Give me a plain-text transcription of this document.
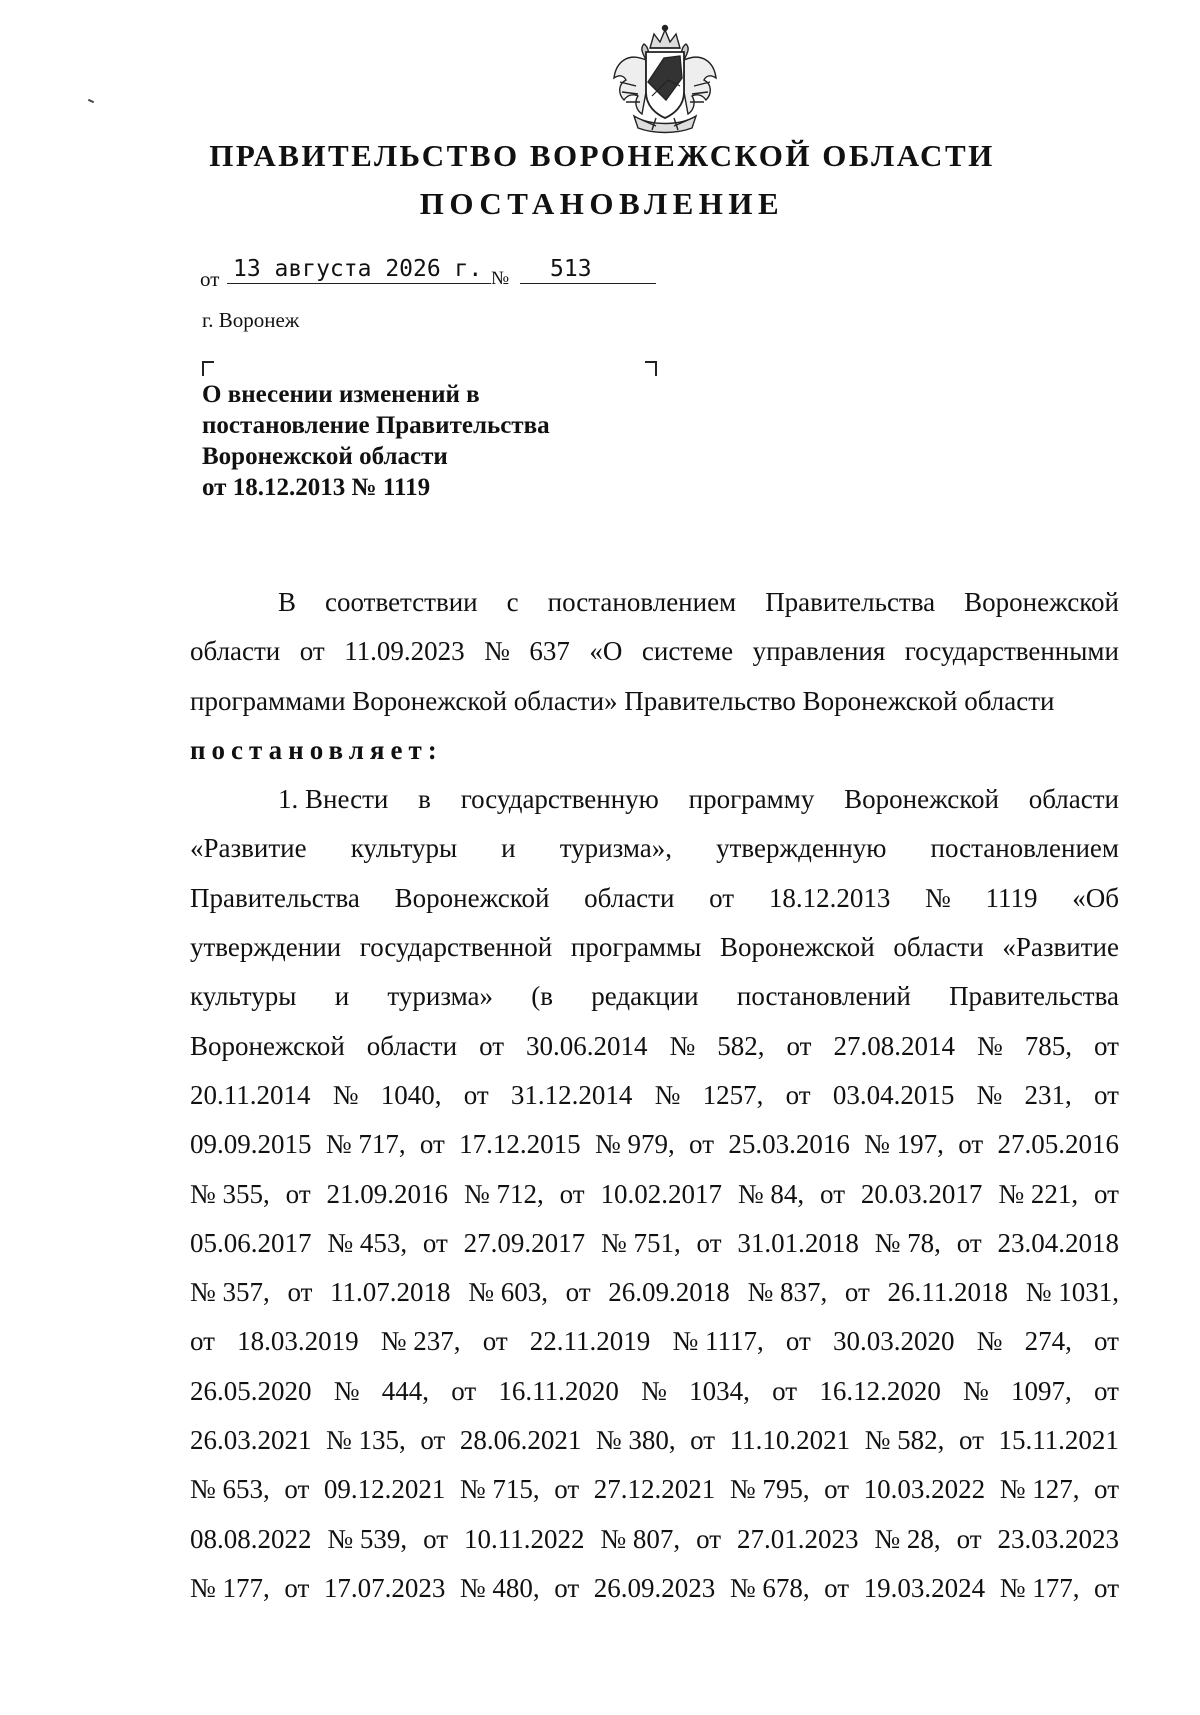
ПРАВИТЕЛЬСТВО ВОРОНЕЖСКОЙ ОБЛАСТИ
ПОСТАНОВЛЕНИЕ
от 13 августа 2026 г. №	513
г. Воронеж
О внесении изменений в
постановление Правительства
Воронежской области
от 18.12.2013 № 1119
В соответствии с постановлением Правительства Воронежской
области от 11.09.2023 № 637 «О системе управления государственными
программами Воронежской области» Правительство Воронежской области
постановляет:
1. Внести в государственную программу Воронежской области
«Развитие культуры и туризма», утвержденную постановлением
Правительства Воронежской области от 18.12.2013 № 1119 «Об
утверждении государственной программы Воронежской области «Развитие
культуры и туризма» (в редакции постановлений Правительства
Воронежской области от 30.06.2014 № 582, от 27.08.2014 № 785, от
20.11.2014 № 1040, от 31.12.2014 № 1257, от 03.04.2015 № 231, от
09.09.2015 № 717, от 17.12.2015 № 979, от 25.03.2016 № 197, от 27.05.2016
№ 355, от 21.09.2016 № 712, от 10.02.2017 № 84, от 20.03.2017 № 221, от
05.06.2017 № 453, от 27.09.2017 № 751, от 31.01.2018 № 78, от 23.04.2018
№ 357, от 11.07.2018 № 603, от 26.09.2018 № 837, от 26.11.2018 № 1031,
от 18.03.2019 № 237, от 22.11.2019 № 1117, от 30.03.2020 № 274, от
26.05.2020 № 444, от 16.11.2020 № 1034, от 16.12.2020 № 1097, от
26.03.2021 № 135, от 28.06.2021 № 380, от 11.10.2021 № 582, от 15.11.2021
№ 653, от 09.12.2021 № 715, от 27.12.2021 № 795, от 10.03.2022 № 127, от
08.08.2022 № 539, от 10.11.2022 № 807, от 27.01.2023 № 28, от 23.03.2023
№ 177, от 17.07.2023 № 480, от 26.09.2023 № 678, от 19.03.2024 № 177, от
